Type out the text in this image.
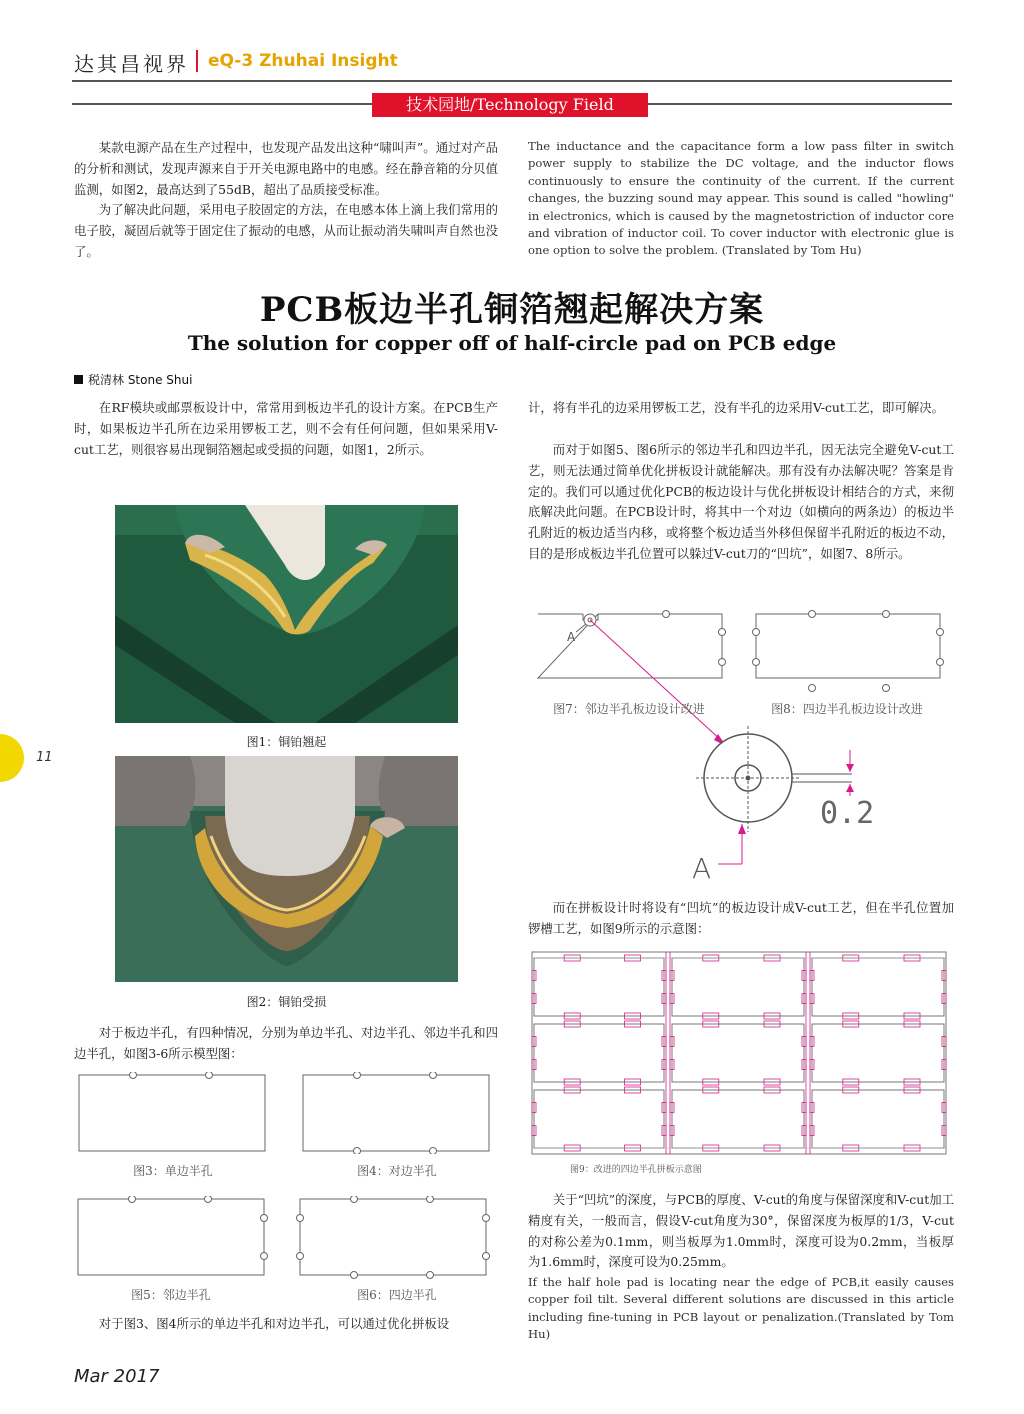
达其昌视界 eQ-3 Zhuhai Insight
技术园地/Technology Field

某款电源产品在生产过程中，也发现产品发出这种“啸叫声”。通过对产品的分析和测试，发现声源来自于开关电源电路中的电感。经在静音箱的分贝值监测，如图2，最高达到了55dB，超出了品质接受标准。

为了解决此问题，采用电子胶固定的方法，在电感本体上滴上我们常用的电子胶，凝固后就等于固定住了振动的电感，从而让振动消失啸叫声自然也没了。

The inductance and the capacitance form a low pass filter in switch power supply to stabilize the DC voltage, and the inductor flows continuously to ensure the continuity of the current. If the current changes, the buzzing sound may appear. This sound is called "howling" in electronics, which is caused by the magnetostriction of inductor core and vibration of inductor coil. To cover inductor with electronic glue is one option to solve the problem. (Translated by Tom Hu)

PCB板边半孔铜箔翘起解决方案
The solution for copper off of half-circle pad on PCB edge
税清林 Stone Shui
在RF模块或邮票板设计中，常常用到板边半孔的设计方案。在PCB生产时，如果板边半孔所在边采用锣板工艺，则不会有任何问题，但如果采用V-cut工艺，则很容易出现铜箔翘起或受损的问题，如图1，2所示。
图1：铜铂翘起
图2：铜铂受损
对于板边半孔，有四种情况，分别为单边半孔、对边半孔、邻边半孔和四边半孔，如图3-6所示模型图：
图3：单边半孔	图4：对边半孔
图5：邻边半孔	图6：四边半孔
对于图3、图4所示的单边半孔和对边半孔，可以通过优化拼板设
计，将有半孔的边采用锣板工艺，没有半孔的边采用V-cut工艺，即可解决。
而对于如图5、图6所示的邻边半孔和四边半孔，因无法完全避免V-cut工艺，则无法通过简单优化拼板设计就能解决。那有没有办法解决呢？答案是肯定的。我们可以通过优化PCB的板边设计与优化拼板设计相结合的方式，来彻底解决此问题。在PCB设计时，将其中一个对边（如横向的两条边）的板边半孔附近的板边适当内移，或将整个板边适当外移但保留半孔附近的板边不动，目的是形成板边半孔位置可以躲过V-cut刀的“凹坑”，如图7、8所示。
A
A
0.2
图7：邻边半孔板边设计改进	图8：四边半孔板边设计改进
而在拼板设计时将设有“凹坑”的板边设计成V-cut工艺，但在半孔位置加锣槽工艺，如图9所示的示意图：
图9：改进的四边半孔拼板示意图
关于“凹坑”的深度，与PCB的厚度、V-cut的角度与保留深度和V-cut加工精度有关，一般而言，假设V-cut角度为30°，保留深度为板厚的1/3，V-cut的对称公差为0.1mm，则当板厚为1.0mm时，深度可设为0.2mm，当板厚为1.6mm时，深度可设为0.25mm。
If the half hole pad is locating near the edge of PCB,it easily causes copper foil tilt. Several different solutions are discussed in this article including fine-tuning in PCB layout or penalization.(Translated by Tom Hu)
11
Mar 2017
